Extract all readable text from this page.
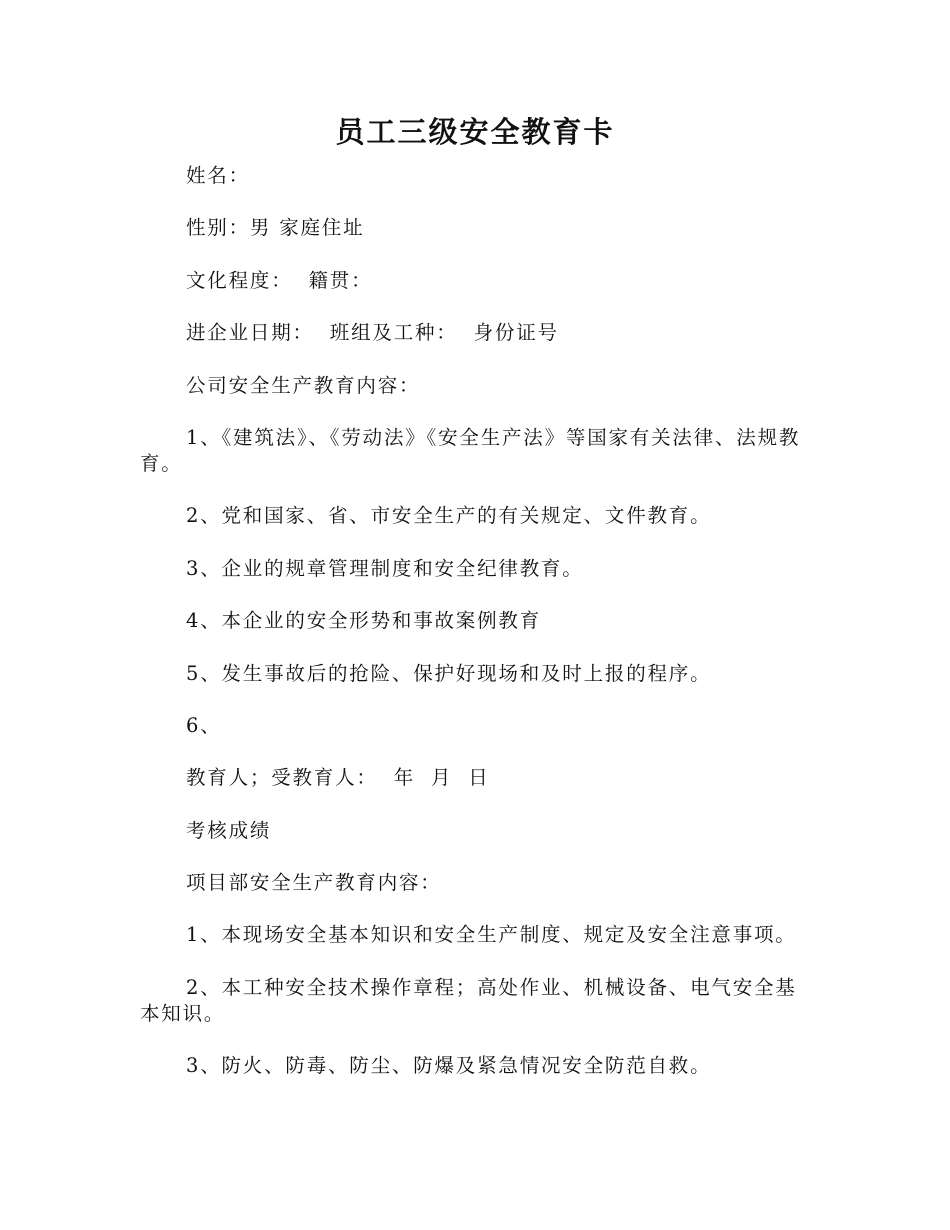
员工三级安全教育卡

姓名：

性别：男 家庭住址

文化程度：  籍贯：

进企业日期：  班组及工种：  身份证号

公司安全生产教育内容：

1、《建筑法》、《劳动法》《安全生产法》等国家有关法律、法规教育。

2、党和国家、省、市安全生产的有关规定、文件教育。

3、企业的规章管理制度和安全纪律教育。

4、本企业的安全形势和事故案例教育

5、发生事故后的抢险、保护好现场和及时上报的程序。

6、

教育人；受教育人：  年  月  日

考核成绩

项目部安全生产教育内容：

1、本现场安全基本知识和安全生产制度、规定及安全注意事项。

2、本工种安全技术操作章程；高处作业、机械设备、电气安全基本知识。

3、防火、防毒、防尘、防爆及紧急情况安全防范自救。
